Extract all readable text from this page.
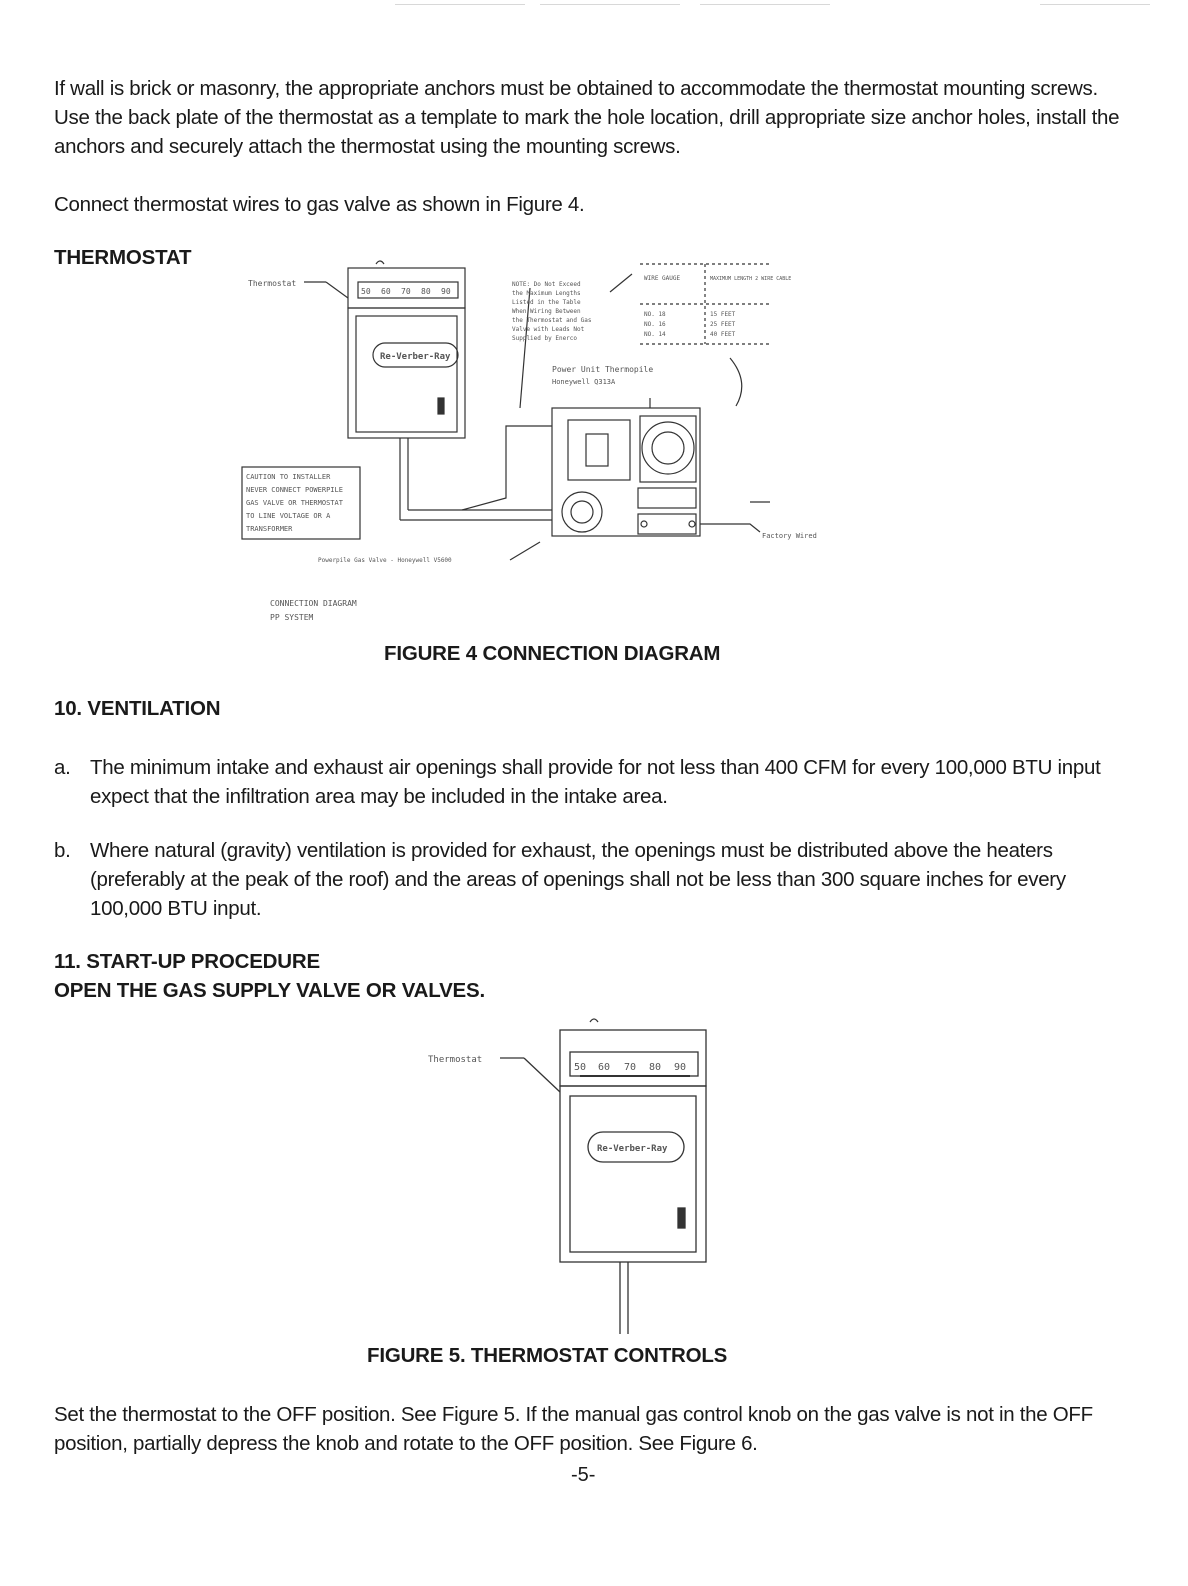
If wall is brick or masonry, the appropriate anchors must be obtained to accommodate the thermostat mounting screws. Use the back plate of the thermostat as a template to mark the hole location, drill appropriate size anchor holes, install the anchors and securely attach the thermostat using the mounting screws.

Connect thermostat wires to gas valve as shown in Figure 4.

THERMOSTAT
Thermostat
50 60 70 80 90
Re-Verber-Ray
CAUTION TO INSTALLER
NEVER CONNECT POWERPILE
GAS VALVE OR THERMOSTAT
TO LINE VOLTAGE OR A
TRANSFORMER
NOTE: Do Not Exceed
the Maximum Lengths
Listed in the Table
When Wiring Between
the Thermostat and Gas
Valve with Leads Not
Supplied by Enerco
WIRE GAUGE	MAXIMUM LENGTH 2 WIRE CABLE
NO. 18	15 FEET
NO. 16	25 FEET
NO. 14	40 FEET
Power Unit Thermopile
Honeywell Q313A
Factory Wired
Powerpile Gas Valve - Honeywell V5600
CONNECTION DIAGRAM
PP SYSTEM
FIGURE 4 CONNECTION DIAGRAM
10. VENTILATION
a. The minimum intake and exhaust air openings shall provide for not less than 400 CFM for every 100,000 BTU input expect that the infiltration area may be included in the intake area.
b. Where natural (gravity) ventilation is provided for exhaust, the openings must be distributed above the heaters (preferably at the peak of the roof) and the areas of openings shall not be less than 300 square inches for every 100,000 BTU input.
11. START-UP PROCEDURE
OPEN THE GAS SUPPLY VALVE OR VALVES.
Thermostat
50 60 70 80 90
Re-Verber-Ray
FIGURE 5. THERMOSTAT CONTROLS

Set the thermostat to the OFF position. See Figure 5. If the manual gas control knob on the gas valve is not in the OFF position, partially depress the knob and rotate to the OFF position. See Figure 6.

-5-
